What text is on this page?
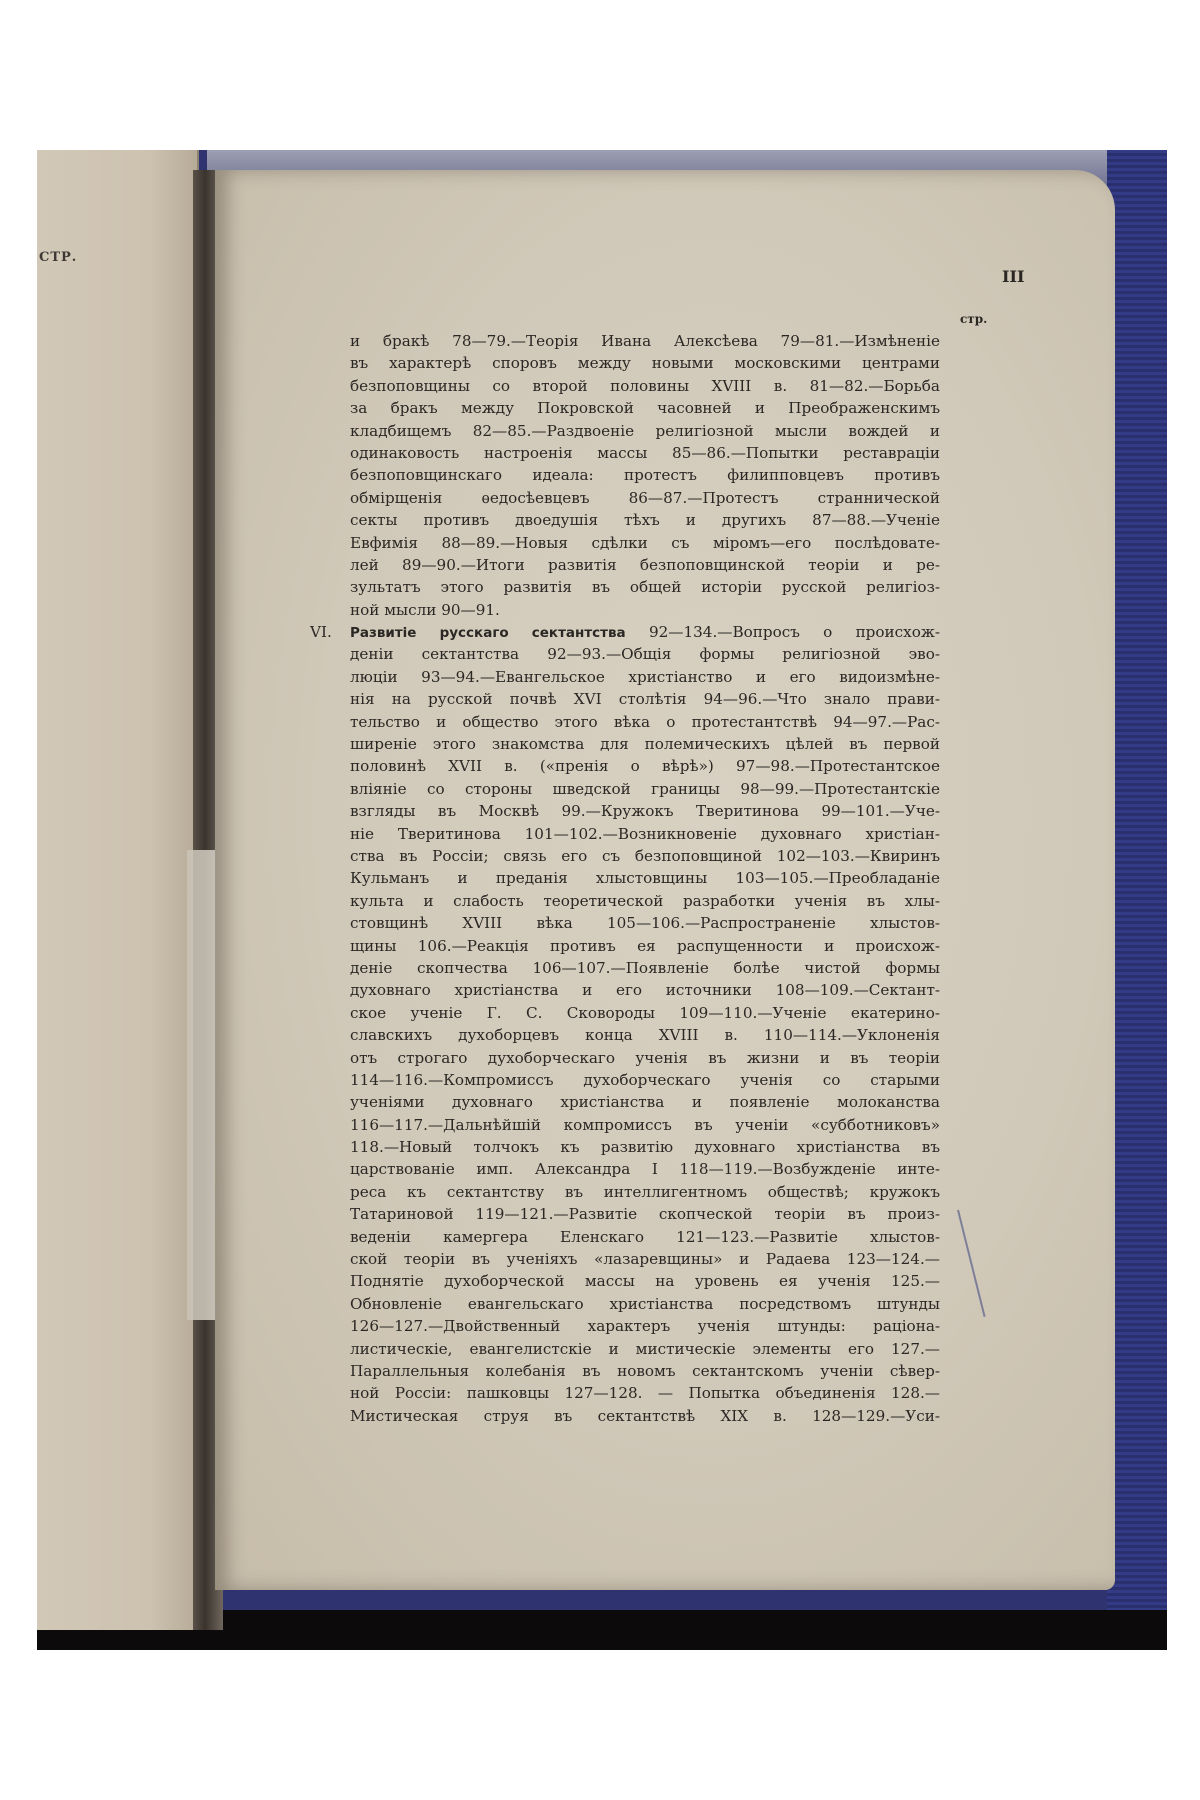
СТР.
III
стр.
и бракѣ 78—79.—Теорія Ивана Алексѣева 79—81.—Измѣненіе
въ характерѣ споровъ между новыми московскими центрами
безпоповщины со второй половины XVIII в. 81—82.—Борьба
за бракъ между Покровской часовней и Преображенскимъ
кладбищемъ 82—85.—Раздвоеніе религіозной мысли вождей и
одинаковость настроенія массы 85—86.—Попытки реставраціи
безпоповщинскаго идеала: протестъ филипповцевъ противъ
обмірщенія ѳедосѣевцевъ 86—87.—Протестъ страннической
секты противъ двоедушія тѣхъ и другихъ 87—88.—Ученіе
Евфимія 88—89.—Новыя сдѣлки съ міромъ—его послѣдовате-
лей 89—90.—Итоги развитія безпоповщинской теоріи и ре-
зультатъ этого развитія въ общей исторіи русской религіоз-
ной мысли 90—91.
VI. Развитіе русскаго сектантства 92—134.—Вопросъ о происхож-
деніи сектантства 92—93.—Общія формы религіозной эво-
люціи 93—94.—Евангельское христіанство и его видоизмѣне-
нія на русской почвѣ XVI столѣтія 94—96.—Что знало прави-
тельство и общество этого вѣка о протестантствѣ 94—97.—Рас-
шиpеніе этого знакомства для полемическихъ цѣлей въ первой
половинѣ XVII в. («пренія о вѣрѣ») 97—98.—Протестантское
вліяніе со стороны шведской границы 98—99.—Протестантскіе
взгляды въ Москвѣ 99.—Кружокъ Тверитинова 99—101.—Уче-
ніе Тверитинова 101—102.—Возникновеніе духовнаго христіан-
ства въ Россіи; связь его съ безпоповщиной 102—103.—Квиринъ
Кульманъ и преданія хлыстовщины 103—105.—Преобладаніе
культа и слабость теоретической разработки ученія въ хлы-
стовщинѣ XVIII вѣка 105—106.—Распространеніе хлыстов-
щины 106.—Реакція противъ ея распущенности и происхож-
деніе скопчества 106—107.—Появленіе болѣе чистой формы
духовнаго христіанства и его источники 108—109.—Сектант-
ское ученіе Г. С. Сковороды 109—110.—Ученіе екатерино-
славскихъ духоборцевъ конца XVIII в. 110—114.—Уклоненія
отъ строгаго духоборческаго ученія въ жизни и въ теоріи
114—116.—Компромиссъ духоборческаго ученія со старыми
ученіями духовнаго христіанства и появленіе молоканства
116—117.—Дальнѣйшій компромиссъ въ ученіи «субботниковъ»
118.—Новый толчокъ къ развитію духовнаго христіанства въ
царствованіе имп. Александра I 118—119.—Возбужденіе инте-
реса къ сектантству въ интеллигентномъ обществѣ; кружокъ
Татариновой 119—121.—Развитіе скопческой теоріи въ произ-
веденіи камергера Еленскаго 121—123.—Развитіе хлыстов-
ской теоріи въ ученіяхъ «лазаревщины» и Радаева 123—124.—
Поднятіе духоборческой массы на уровень ея ученія 125.—
Обновленіе евангельскаго христіанства посредствомъ штунды
126—127.—Двойственный характеръ ученія штунды: раціона-
листическіе, евангелистскіе и мистическіе элементы его 127.—
Параллельныя колебанія въ новомъ сектантскомъ ученіи сѣвер-
ной Россіи: пашковцы 127—128. — Попытка объединенія 128.—
Мистическая струя въ сектантствѣ XIX в. 128—129.—Уси-
